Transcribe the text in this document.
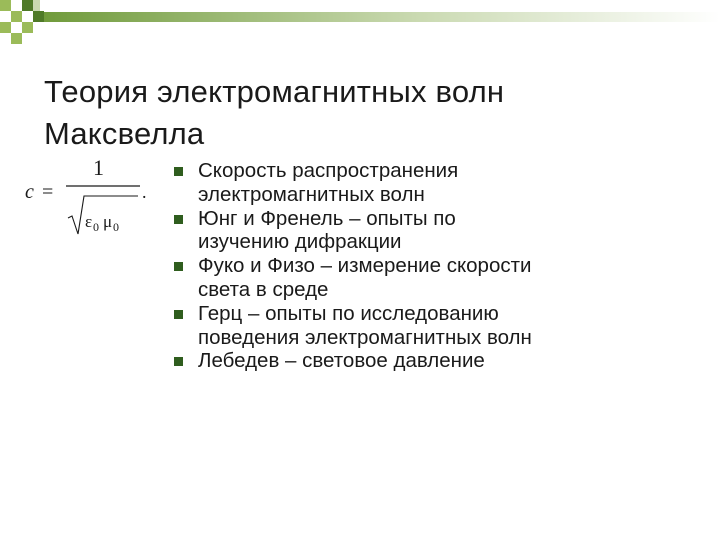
Теория электромагнитных волн
Максвелла
c =
1
ε 0 μ 0
.
Скорость распространения
электромагнитных волн
Юнг и Френель – опыты по
изучению дифракции
Фуко и Физо – измерение скорости
света в среде
Герц – опыты по исследованию
поведения электромагнитных волн
Лебедев – световое давление
